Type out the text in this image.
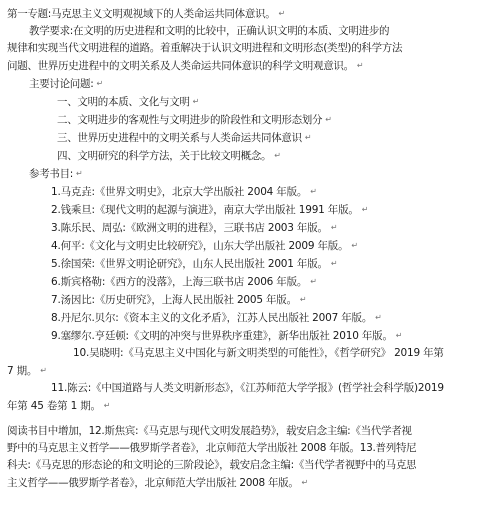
第一专题:马克思主义文明观视域下的人类命运共同体意识。 ↵
教学要求:在文明的历史进程和文明的比较中，正确认识文明的本质、文明进步的
规律和实现当代文明进程的道路。着重解决于认识文明进程和文明形态(类型)的科学方法
问题、世界历史进程中的文明关系及人类命运共同体意识的科学文明观意识。 ↵
主要讨论问题: ↵
一、文明的本质、文化与文明 ↵
二、文明进步的客观性与文明进步的阶段性和文明形态划分 ↵
三、世界历史进程中的文明关系与人类命运共同体意识 ↵
四、文明研究的科学方法，关于比较文明概念。 ↵
参考书目: ↵
1.马克垚:《世界文明史》，北京大学出版社 2004 年版。 ↵
2.钱乘旦:《现代文明的起源与演进》，南京大学出版社 1991 年版。 ↵
3.陈乐民、周弘:《欧洲文明的进程》，三联书店 2003 年版。 ↵
4.何平:《文化与文明史比较研究》，山东大学出版社 2009 年版。 ↵
5.徐国荣:《世界文明论研究》，山东人民出版社 2001 年版。 ↵
6.斯宾格勒:《西方的没落》，上海三联书店 2006 年版。 ↵
7.汤因比:《历史研究》，上海人民出版社 2005 年版。 ↵
8.丹尼尔.贝尔:《资本主义的文化矛盾》，江苏人民出版社 2007 年版。 ↵
9.塞缪尔.亨廷顿:《文明的冲突与世界秩序重建》，新华出版社 2010 年版。 ↵
10.吴晓明:《马克思主义中国化与新文明类型的可能性》，《哲学研究》 2019 年第
7 期。 ↵
11.陈云:《中国道路与人类文明新形态》，《江苏师范大学学报》(哲学社会科学版)2019
年第 45 卷第 1 期。 ↵
阅读书目中增加，12.斯焦宾:《马克思与现代文明发展趋势》，载安启念主编:《当代学者视
野中的马克思主义哲学——俄罗斯学者卷》，北京师范大学出版社 2008 年版。13.普列特尼
科夫:《马克思的形态论的和文明论的三阶段论》，载安启念主编:《当代学者视野中的马克思
主义哲学——俄罗斯学者卷》，北京师范大学出版社 2008 年版。 ↵
